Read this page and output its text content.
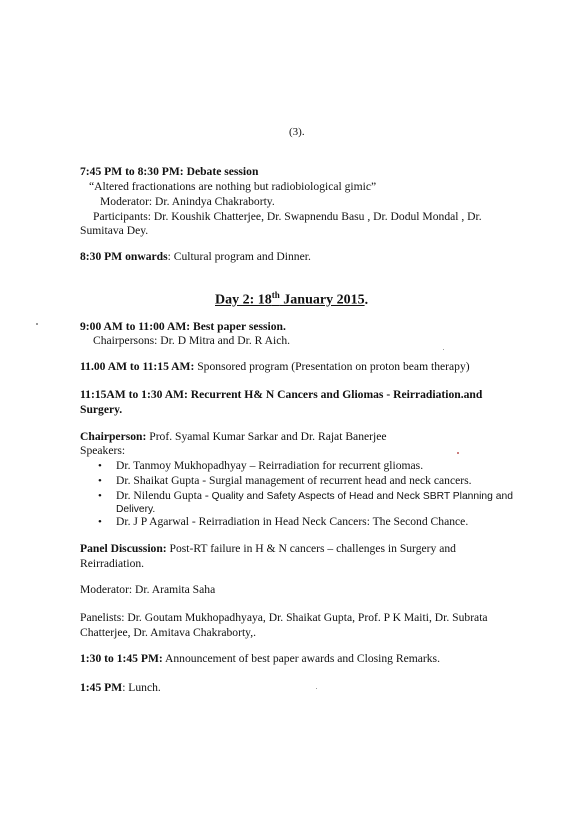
(3).
7:45 PM to 8:30 PM: Debate session
“Altered fractionations are nothing but radiobiological gimic”
Moderator: Dr. Anindya Chakraborty.
Participants: Dr. Koushik Chatterjee, Dr. Swapnendu Basu , Dr. Dodul Mondal , Dr.
Sumitava Dey.
8:30 PM onwards: Cultural program and Dinner.
Day 2: 18th January 2015.
9:00 AM to 11:00 AM: Best paper session.
Chairpersons: Dr. D Mitra and Dr. R Aich.
11.00 AM to 11:15 AM: Sponsored program (Presentation on proton beam therapy)
11:15AM to 1:30 AM: Recurrent H& N Cancers and Gliomas - Reirradiation.and
Surgery.
Chairperson: Prof. Syamal Kumar Sarkar and Dr. Rajat Banerjee
Speakers:
• Dr. Tanmoy Mukhopadhyay – Reirradiation for recurrent gliomas.
• Dr. Shaikat Gupta - Surgial management of recurrent head and neck cancers.
• Dr. Nilendu Gupta - Quality and Safety Aspects of Head and Neck SBRT Planning and
Delivery.
• Dr. J P Agarwal - Reirradiation in Head Neck Cancers: The Second Chance.
Panel Discussion: Post-RT failure in H & N cancers – challenges in Surgery and
Reirradiation.
Moderator: Dr. Aramita Saha
Panelists: Dr. Goutam Mukhopadhyaya, Dr. Shaikat Gupta, Prof. P K Maiti, Dr. Subrata
Chatterjee, Dr. Amitava Chakraborty,.
1:30 to 1:45 PM: Announcement of best paper awards and Closing Remarks.
1:45 PM: Lunch.
